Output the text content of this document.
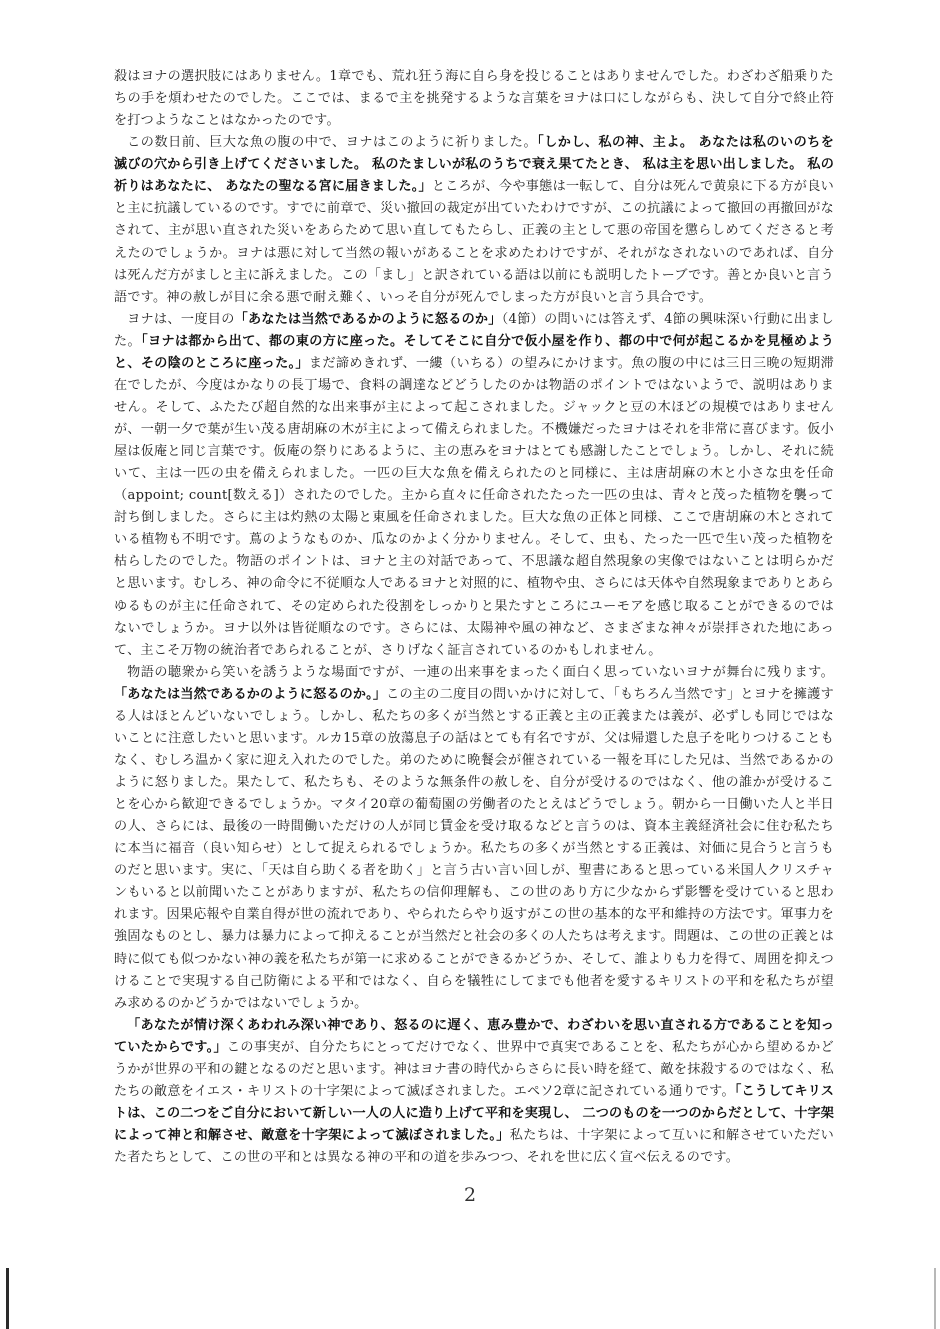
殺はヨナの選択肢にはありません。1章でも、荒れ狂う海に自ら身を投じることはありませんでした。わざわざ船乗りたちの手を煩わせたのでした。ここでは、まるで主を挑発するような言葉をヨナは口にしながらも、決して自分で終止符を打つようなことはなかったのです。

この数日前、巨大な魚の腹の中で、ヨナはこのように祈りました。「しかし、私の神、主よ。 あなたは私のいのちを 滅びの穴から引き上げてくださいました。 私のたましいが私のうちで衰え果てたとき、 私は主を思い出しました。 私の祈りはあなたに、 あなたの聖なる宮に届きました。」ところが、今や事態は一転して、自分は死んで黄泉に下る方が良いと主に抗議しているのです。すでに前章で、災い撤回の裁定が出ていたわけですが、この抗議によって撤回の再撤回がなされて、主が思い直された災いをあらためて思い直してもたらし、正義の主として悪の帝国を懲らしめてくださると考えたのでしょうか。ヨナは悪に対して当然の報いがあることを求めたわけですが、それがなされないのであれば、自分は死んだ方がましと主に訴えました。この「まし」と訳されている語は以前にも説明したトーブです。善とか良いと言う語です。神の赦しが目に余る悪で耐え難く、いっそ自分が死んでしまった方が良いと言う具合です。

ヨナは、一度目の「あなたは当然であるかのように怒るのか」（4節）の問いには答えず、4節の興味深い行動に出ました。「ヨナは都から出て、都の東の方に座った。そしてそこに自分で仮小屋を作り、都の中で何が起こるかを見極めようと、その陰のところに座った。」まだ諦めきれず、一縷（いちる）の望みにかけます。魚の腹の中には三日三晩の短期滞在でしたが、今度はかなりの長丁場で、食料の調達などどうしたのかは物語のポイントではないようで、説明はありません。そして、ふたたび超自然的な出来事が主によって起こされました。ジャックと豆の木ほどの規模ではありませんが、一朝一夕で葉が生い茂る唐胡麻の木が主によって備えられました。不機嫌だったヨナはそれを非常に喜びます。仮小屋は仮庵と同じ言葉です。仮庵の祭りにあるように、主の恵みをヨナはとても感謝したことでしょう。しかし、それに続いて、主は一匹の虫を備えられました。一匹の巨大な魚を備えられたのと同様に、主は唐胡麻の木と小さな虫を任命（appoint; count[数える]）されたのでした。主から直々に任命されたたった一匹の虫は、青々と茂った植物を襲って討ち倒しました。さらに主は灼熱の太陽と東風を任命されました。巨大な魚の正体と同様、ここで唐胡麻の木とされている植物も不明です。蔦のようなものか、瓜なのかよく分かりません。そして、虫も、たった一匹で生い茂った植物を枯らしたのでした。物語のポイントは、ヨナと主の対話であって、不思議な超自然現象の実像ではないことは明らかだと思います。むしろ、神の命令に不従順な人であるヨナと対照的に、植物や虫、さらには天体や自然現象までありとあらゆるものが主に任命されて、その定められた役割をしっかりと果たすところにユーモアを感じ取ることができるのではないでしょうか。ヨナ以外は皆従順なのです。さらには、太陽神や風の神など、さまざまな神々が崇拝された地にあって、主こそ万物の統治者であられることが、さりげなく証言されているのかもしれません。

物語の聴衆から笑いを誘うような場面ですが、一連の出来事をまったく面白く思っていないヨナが舞台に残ります。「あなたは当然であるかのように怒るのか。」この主の二度目の問いかけに対して、「もちろん当然です」とヨナを擁護する人はほとんどいないでしょう。しかし、私たちの多くが当然とする正義と主の正義または義が、必ずしも同じではないことに注意したいと思います。ルカ15章の放蕩息子の話はとても有名ですが、父は帰還した息子を叱りつけることもなく、むしろ温かく家に迎え入れたのでした。弟のために晩餐会が催されている一報を耳にした兄は、当然であるかのように怒りました。果たして、私たちも、そのような無条件の赦しを、自分が受けるのではなく、他の誰かが受けることを心から歓迎できるでしょうか。マタイ20章の葡萄園の労働者のたとえはどうでしょう。朝から一日働いた人と半日の人、さらには、最後の一時間働いただけの人が同じ賃金を受け取るなどと言うのは、資本主義経済社会に住む私たちに本当に福音（良い知らせ）として捉えられるでしょうか。私たちの多くが当然とする正義は、対価に見合うと言うものだと思います。実に、「天は自ら助くる者を助く」と言う古い言い回しが、聖書にあると思っている米国人クリスチャンもいると以前聞いたことがありますが、私たちの信仰理解も、この世のあり方に少なからず影響を受けていると思われます。因果応報や自業自得が世の流れであり、やられたらやり返すがこの世の基本的な平和維持の方法です。軍事力を強固なものとし、暴力は暴力によって抑えることが当然だと社会の多くの人たちは考えます。問題は、この世の正義とは時に似ても似つかない神の義を私たちが第一に求めることができるかどうか、そして、誰よりも力を得て、周囲を抑えつけることで実現する自己防衛による平和ではなく、自らを犠牲にしてまでも他者を愛するキリストの平和を私たちが望み求めるのかどうかではないでしょうか。

「あなたが情け深くあわれみ深い神であり、怒るのに遅く、恵み豊かで、わざわいを思い直される方であることを知っていたからです。」この事実が、自分たちにとってだけでなく、世界中で真実であることを、私たちが心から望めるかどうかが世界の平和の鍵となるのだと思います。神はヨナ書の時代からさらに長い時を経て、敵を抹殺するのではなく、私たちの敵意をイエス・キリストの十字架によって滅ぼされました。エペソ2章に記されている通りです。「こうしてキリストは、この二つをご自分において新しい一人の人に造り上げて平和を実現し、 二つのものを一つのからだとして、十字架によって神と和解させ、敵意を十字架によって滅ぼされました。」私たちは、十字架によって互いに和解させていただいた者たちとして、この世の平和とは異なる神の平和の道を歩みつつ、それを世に広く宣べ伝えるのです。

2
